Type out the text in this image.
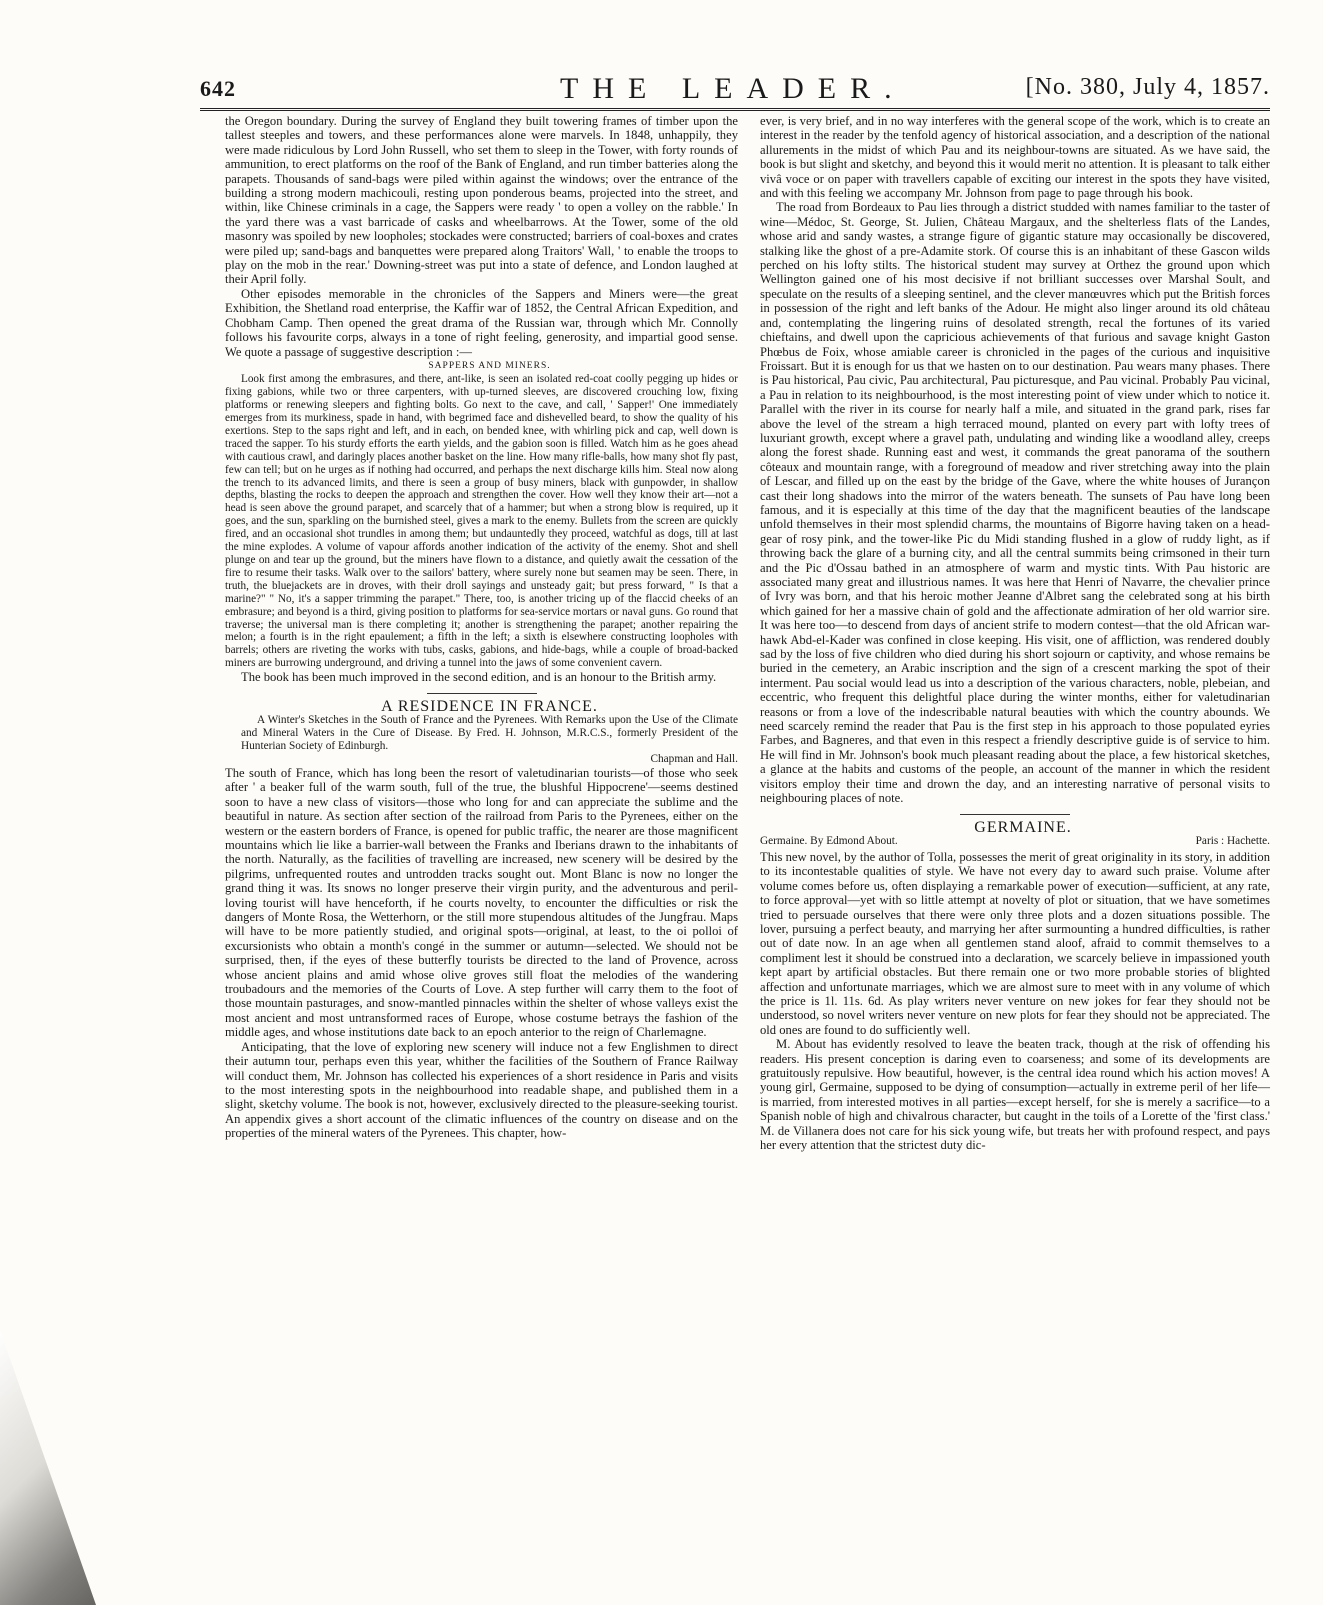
642	THE LEADER.	[No. 380, July 4, 1857.

the Oregon boundary. During the survey of England they built towering frames of timber upon the tallest steeples and towers, and these performances alone were marvels. In 1848, unhappily, they were made ridiculous by Lord John Russell, who set them to sleep in the Tower, with forty rounds of ammunition, to erect platforms on the roof of the Bank of England, and run timber batteries along the parapets. Thousands of sand-bags were piled within against the windows; over the entrance of the building a strong modern machicouli, resting upon ponderous beams, projected into the street, and within, like Chinese criminals in a cage, the Sappers were ready ' to open a volley on the rabble.' In the yard there was a vast barricade of casks and wheelbarrows. At the Tower, some of the old masonry was spoiled by new loopholes; stockades were constructed; barriers of coal-boxes and crates were piled up; sand-bags and banquettes were prepared along Traitors' Wall, ' to enable the troops to play on the mob in the rear.' Downing-street was put into a state of defence, and London laughed at their April folly.

Other episodes memorable in the chronicles of the Sappers and Miners were—the great Exhibition, the Shetland road enterprise, the Kaffir war of 1852, the Central African Expedition, and Chobham Camp. Then opened the great drama of the Russian war, through which Mr. Connolly follows his favourite corps, always in a tone of right feeling, generosity, and impartial good sense. We quote a passage of suggestive description :—

SAPPERS AND MINERS.

Look first among the embrasures, and there, ant-like, is seen an isolated red-coat coolly pegging up hides or fixing gabions, while two or three carpenters, with up-turned sleeves, are discovered crouching low, fixing platforms or renewing sleepers and fighting bolts. Go next to the cave, and call, ' Sapper!' One immediately emerges from its murkiness, spade in hand, with begrimed face and dishevelled beard, to show the quality of his exertions. Step to the saps right and left, and in each, on bended knee, with whirling pick and cap, well down is traced the sapper. To his sturdy efforts the earth yields, and the gabion soon is filled. Watch him as he goes ahead with cautious crawl, and daringly places another basket on the line. How many rifle-balls, how many shot fly past, few can tell; but on he urges as if nothing had occurred, and perhaps the next discharge kills him. Steal now along the trench to its advanced limits, and there is seen a group of busy miners, black with gunpowder, in shallow depths, blasting the rocks to deepen the approach and strengthen the cover. How well they know their art—not a head is seen above the ground parapet, and scarcely that of a hammer; but when a strong blow is required, up it goes, and the sun, sparkling on the burnished steel, gives a mark to the enemy. Bullets from the screen are quickly fired, and an occasional shot trundles in among them; but undauntedly they proceed, watchful as dogs, till at last the mine explodes. A volume of vapour affords another indication of the activity of the enemy. Shot and shell plunge on and tear up the ground, but the miners have flown to a distance, and quietly await the cessation of the fire to resume their tasks. Walk over to the sailors' battery, where surely none but seamen may be seen. There, in truth, the bluejackets are in droves, with their droll sayings and unsteady gait; but press forward, " Is that a marine?" " No, it's a sapper trimming the parapet." There, too, is another tricing up of the flaccid cheeks of an embrasure; and beyond is a third, giving position to platforms for sea-service mortars or naval guns. Go round that traverse; the universal man is there completing it; another is strengthening the parapet; another repairing the melon; a fourth is in the right epaulement; a fifth in the left; a sixth is elsewhere constructing loopholes with barrels; others are riveting the works with tubs, casks, gabions, and hide-bags, while a couple of broad-backed miners are burrowing underground, and driving a tunnel into the jaws of some convenient cavern.

The book has been much improved in the second edition, and is an honour to the British army.

A RESIDENCE IN FRANCE.

A Winter's Sketches in the South of France and the Pyrenees. With Remarks upon the Use of the Climate and Mineral Waters in the Cure of Disease. By Fred. H. Johnson, M.R.C.S., formerly President of the Hunterian Society of Edinburgh.

Chapman and Hall.

The south of France, which has long been the resort of valetudinarian tourists—of those who seek after ' a beaker full of the warm south, full of the true, the blushful Hippocrene'—seems destined soon to have a new class of visitors—those who long for and can appreciate the sublime and the beautiful in nature. As section after section of the railroad from Paris to the Pyrenees, either on the western or the eastern borders of France, is opened for public traffic, the nearer are those magnificent mountains which lie like a barrier-wall between the Franks and Iberians drawn to the inhabitants of the north. Naturally, as the facilities of travelling are increased, new scenery will be desired by the pilgrims, unfrequented routes and untrodden tracks sought out. Mont Blanc is now no longer the grand thing it was. Its snows no longer preserve their virgin purity, and the adventurous and peril-loving tourist will have henceforth, if he courts novelty, to encounter the difficulties or risk the dangers of Monte Rosa, the Wetterhorn, or the still more stupendous altitudes of the Jungfrau. Maps will have to be more patiently studied, and original spots—original, at least, to the oi polloi of excursionists who obtain a month's congé in the summer or autumn—selected. We should not be surprised, then, if the eyes of these butterfly tourists be directed to the land of Provence, across whose ancient plains and amid whose olive groves still float the melodies of the wandering troubadours and the memories of the Courts of Love. A step further will carry them to the foot of those mountain pasturages, and snow-mantled pinnacles within the shelter of whose valleys exist the most ancient and most untransformed races of Europe, whose costume betrays the fashion of the middle ages, and whose institutions date back to an epoch anterior to the reign of Charlemagne.

Anticipating, that the love of exploring new scenery will induce not a few Englishmen to direct their autumn tour, perhaps even this year, whither the facilities of the Southern of France Railway will conduct them, Mr. Johnson has collected his experiences of a short residence in Paris and visits to the most interesting spots in the neighbourhood into readable shape, and published them in a slight, sketchy volume. The book is not, however, exclusively directed to the pleasure-seeking tourist. An appendix gives a short account of the climatic influences of the country on disease and on the properties of the mineral waters of the Pyrenees. This chapter, how-

ever, is very brief, and in no way interferes with the general scope of the work, which is to create an interest in the reader by the tenfold agency of historical association, and a description of the national allurements in the midst of which Pau and its neighbour-towns are situated. As we have said, the book is but slight and sketchy, and beyond this it would merit no attention. It is pleasant to talk either vivâ voce or on paper with travellers capable of exciting our interest in the spots they have visited, and with this feeling we accompany Mr. Johnson from page to page through his book.

The road from Bordeaux to Pau lies through a district studded with names familiar to the taster of wine—Médoc, St. George, St. Julien, Château Margaux, and the shelterless flats of the Landes, whose arid and sandy wastes, a strange figure of gigantic stature may occasionally be discovered, stalking like the ghost of a pre-Adamite stork. Of course this is an inhabitant of these Gascon wilds perched on his lofty stilts. The historical student may survey at Orthez the ground upon which Wellington gained one of his most decisive if not brilliant successes over Marshal Soult, and speculate on the results of a sleeping sentinel, and the clever manœuvres which put the British forces in possession of the right and left banks of the Adour. He might also linger around its old château and, contemplating the lingering ruins of desolated strength, recal the fortunes of its varied chieftains, and dwell upon the capricious achievements of that furious and savage knight Gaston Phœbus de Foix, whose amiable career is chronicled in the pages of the curious and inquisitive Froissart. But it is enough for us that we hasten on to our destination. Pau wears many phases. There is Pau historical, Pau civic, Pau architectural, Pau picturesque, and Pau vicinal. Probably Pau vicinal, a Pau in relation to its neighbourhood, is the most interesting point of view under which to notice it. Parallel with the river in its course for nearly half a mile, and situated in the grand park, rises far above the level of the stream a high terraced mound, planted on every part with lofty trees of luxuriant growth, except where a gravel path, undulating and winding like a woodland alley, creeps along the forest shade. Running east and west, it commands the great panorama of the southern côteaux and mountain range, with a foreground of meadow and river stretching away into the plain of Lescar, and filled up on the east by the bridge of the Gave, where the white houses of Jurançon cast their long shadows into the mirror of the waters beneath. The sunsets of Pau have long been famous, and it is especially at this time of the day that the magnificent beauties of the landscape unfold themselves in their most splendid charms, the mountains of Bigorre having taken on a head-gear of rosy pink, and the tower-like Pic du Midi standing flushed in a glow of ruddy light, as if throwing back the glare of a burning city, and all the central summits being crimsoned in their turn and the Pic d'Ossau bathed in an atmosphere of warm and mystic tints. With Pau historic are associated many great and illustrious names. It was here that Henri of Navarre, the chevalier prince of Ivry was born, and that his heroic mother Jeanne d'Albret sang the celebrated song at his birth which gained for her a massive chain of gold and the affectionate admiration of her old warrior sire. It was here too—to descend from days of ancient strife to modern contest—that the old African war-hawk Abd-el-Kader was confined in close keeping. His visit, one of affliction, was rendered doubly sad by the loss of five children who died during his short sojourn or captivity, and whose remains be buried in the cemetery, an Arabic inscription and the sign of a crescent marking the spot of their interment. Pau social would lead us into a description of the various characters, noble, plebeian, and eccentric, who frequent this delightful place during the winter months, either for valetudinarian reasons or from a love of the indescribable natural beauties with which the country abounds. We need scarcely remind the reader that Pau is the first step in his approach to those populated eyries Farbes, and Bagneres, and that even in this respect a friendly descriptive guide is of service to him. He will find in Mr. Johnson's book much pleasant reading about the place, a few historical sketches, a glance at the habits and customs of the people, an account of the manner in which the resident visitors employ their time and drown the day, and an interesting narrative of personal visits to neighbouring places of note.

GERMAINE.

Germaine. By Edmond About.	Paris : Hachette.

This new novel, by the author of Tolla, possesses the merit of great originality in its story, in addition to its incontestable qualities of style. We have not every day to award such praise. Volume after volume comes before us, often displaying a remarkable power of execution—sufficient, at any rate, to force approval—yet with so little attempt at novelty of plot or situation, that we have sometimes tried to persuade ourselves that there were only three plots and a dozen situations possible. The lover, pursuing a perfect beauty, and marrying her after surmounting a hundred difficulties, is rather out of date now. In an age when all gentlemen stand aloof, afraid to commit themselves to a compliment lest it should be construed into a declaration, we scarcely believe in impassioned youth kept apart by artificial obstacles. But there remain one or two more probable stories of blighted affection and unfortunate marriages, which we are almost sure to meet with in any volume of which the price is 1l. 11s. 6d. As play writers never venture on new jokes for fear they should not be understood, so novel writers never venture on new plots for fear they should not be appreciated. The old ones are found to do sufficiently well.

M. About has evidently resolved to leave the beaten track, though at the risk of offending his readers. His present conception is daring even to coarseness; and some of its developments are gratuitously repulsive. How beautiful, however, is the central idea round which his action moves! A young girl, Germaine, supposed to be dying of consumption—actually in extreme peril of her life—is married, from interested motives in all parties—except herself, for she is merely a sacrifice—to a Spanish noble of high and chivalrous character, but caught in the toils of a Lorette of the 'first class.' M. de Villanera does not care for his sick young wife, but treats her with profound respect, and pays her every attention that the strictest duty dic-
